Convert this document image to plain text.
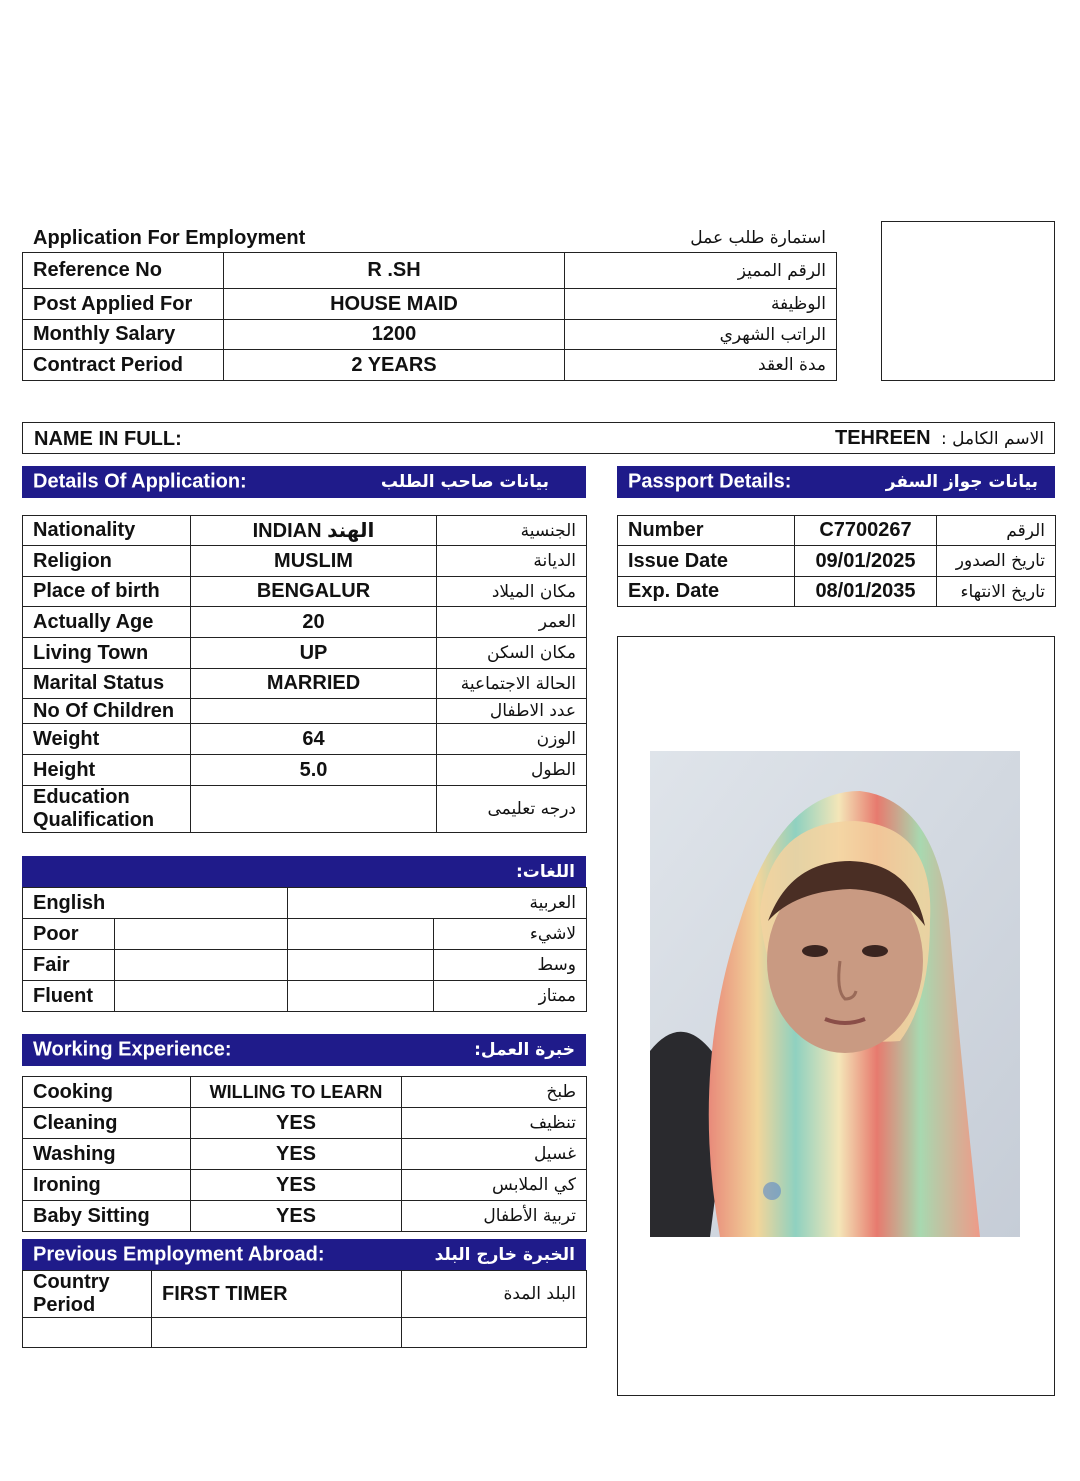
Application For Employment	استمارة طلب عمل
Reference No	R .SH	الرقم المميز
Post Applied For	HOUSE MAID	الوظيفة
Monthly Salary	1200	الراتب الشهري
Contract Period	2 YEARS	مدة العقد
NAME IN FULL:	الاسم الكامل : TEHREEN
Details Of Application:	بيانات صاحب الطلب	Passport Details:	بيانات جواز السفر
Nationality	INDIAN الهند	الجنسية
Religion	MUSLIM	الديانة
Place of birth	BENGALUR	مكان الميلاد
Actually Age	20	العمر
Living Town	UP	مكان السكن
Marital Status	MARRIED	الحالة الاجتماعية
No Of Children		عدد الاطفال
Weight	64	الوزن
Height	5.0	الطول
Education Qualification		درجه تعليمى
Number	C7700267	الرقم
Issue Date	09/01/2025	تاريخ الصدور
Exp. Date	08/01/2035	تاريخ الانتهاء
اللغات:
English		العربية	
Poor			لاشيء
Fair			وسط
Fluent			ممتاز
Working Experience:	خبرة العمل:
Cooking	WILLING TO LEARN	طبخ
Cleaning	YES	تنظيف
Washing	YES	غسيل
Ironing	YES	كي الملابس
Baby Sitting	YES	تربية الأطفال
Previous Employment Abroad:	الخبرة خارج البلد
Country
Period	FIRST TIMER	البلد المدة
